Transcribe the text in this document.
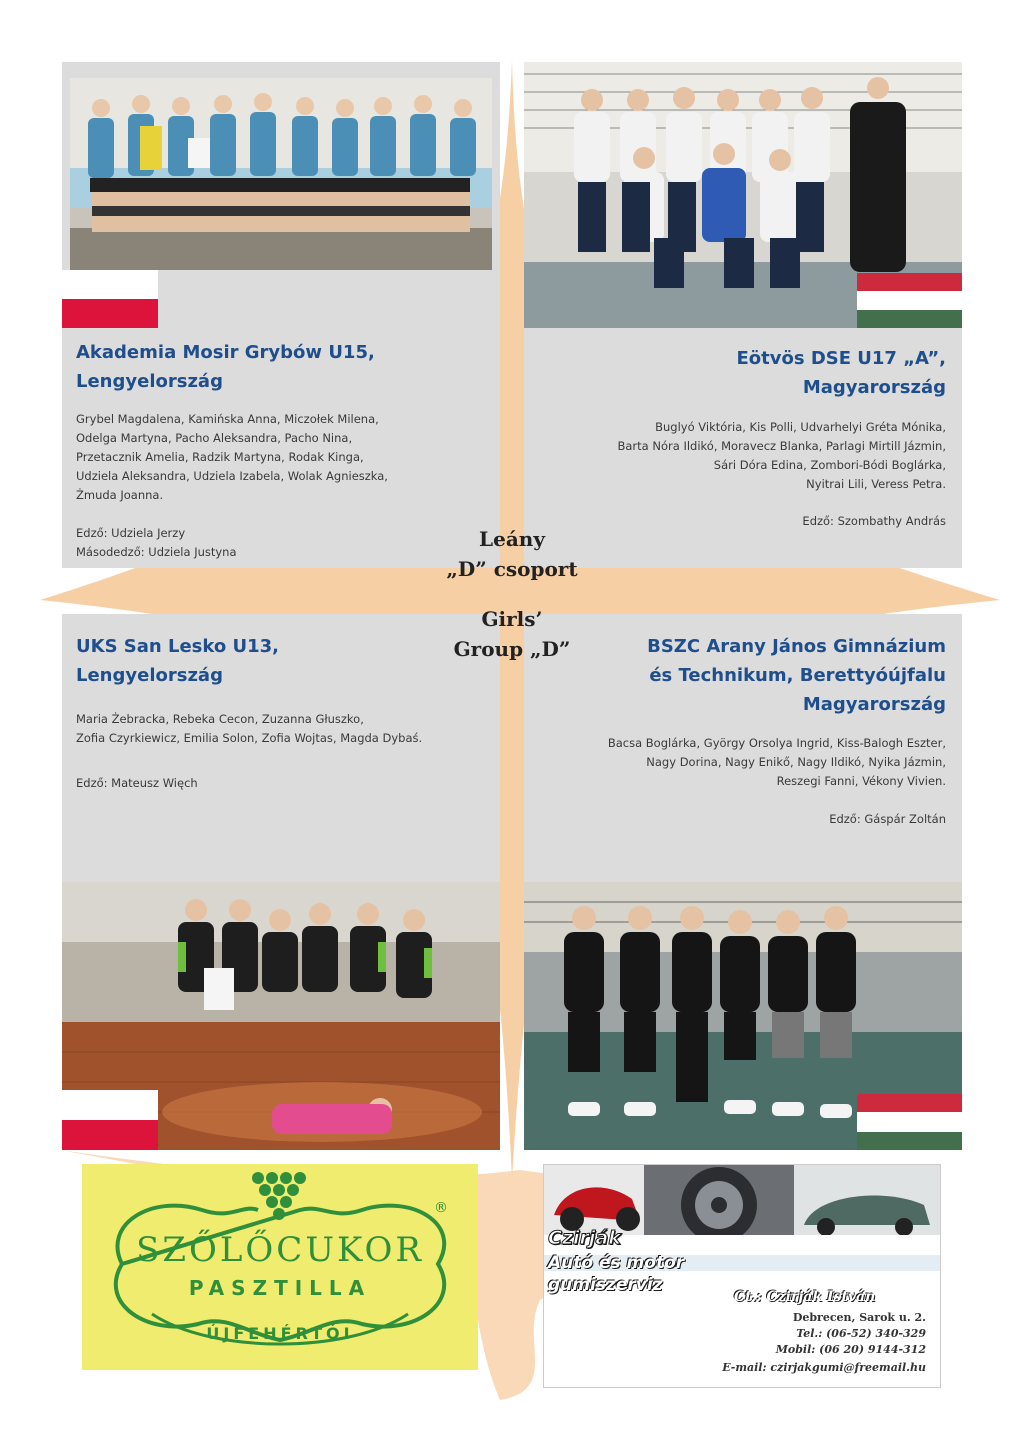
Akademia Mosir Grybów U15,
Lengyelország

Grybel Magdalena, Kamińska Anna, Miczołek Milena,
Odelga Martyna, Pacho Aleksandra, Pacho Nina,
Przetacznik Amelia, Radzik Martyna, Rodak Kinga,
Udziela Aleksandra, Udziela Izabela, Wolak Agnieszka,
Żmuda Joanna.

Edző: Udziela Jerzy
Másodedző: Udziela Justyna

Eötvös DSE U17 „A”,
Magyarország

Buglyó Viktória, Kis Polli, Udvarhelyi Gréta Mónika,
Barta Nóra Ildikó, Moravecz Blanka, Parlagi Mirtill Jázmin,
Sári Dóra Edina, Zombori-Bódi Boglárka,
Nyitrai Lili, Veress Petra.

Edző: Szombathy András

UKS San Lesko U13,
Lengyelország

Maria Żebracka, Rebeka Cecon, Zuzanna Głuszko,
Zofia Czyrkiewicz, Emilia Solon, Zofia Wojtas, Magda Dybaś.

Edző: Mateusz Więch

BSZC Arany János Gimnázium
és Technikum, Berettyóújfalu
Magyarország

Bacsa Boglárka, György Orsolya Ingrid, Kiss-Balogh Eszter,
Nagy Dorina, Nagy Enikő, Nagy Ildikó, Nyika Jázmin,
Reszegi Fanni, Vékony Vivien.

Edző: Gáspár Zoltán

Leány
„D” csoport
Girls’
Group „D”
SZŐLŐCUKOR
PASZTILLA
ÚJFEHÉRTÓI
®
Czirják
Autó és motor
gumiszerviz
Ct.: Czirják István
Debrecen, Sarok u. 2.
Tel.: (06-52) 340-329
Mobil: (06 20) 9144-312
E-mail: czirjakgumi@freemail.hu
